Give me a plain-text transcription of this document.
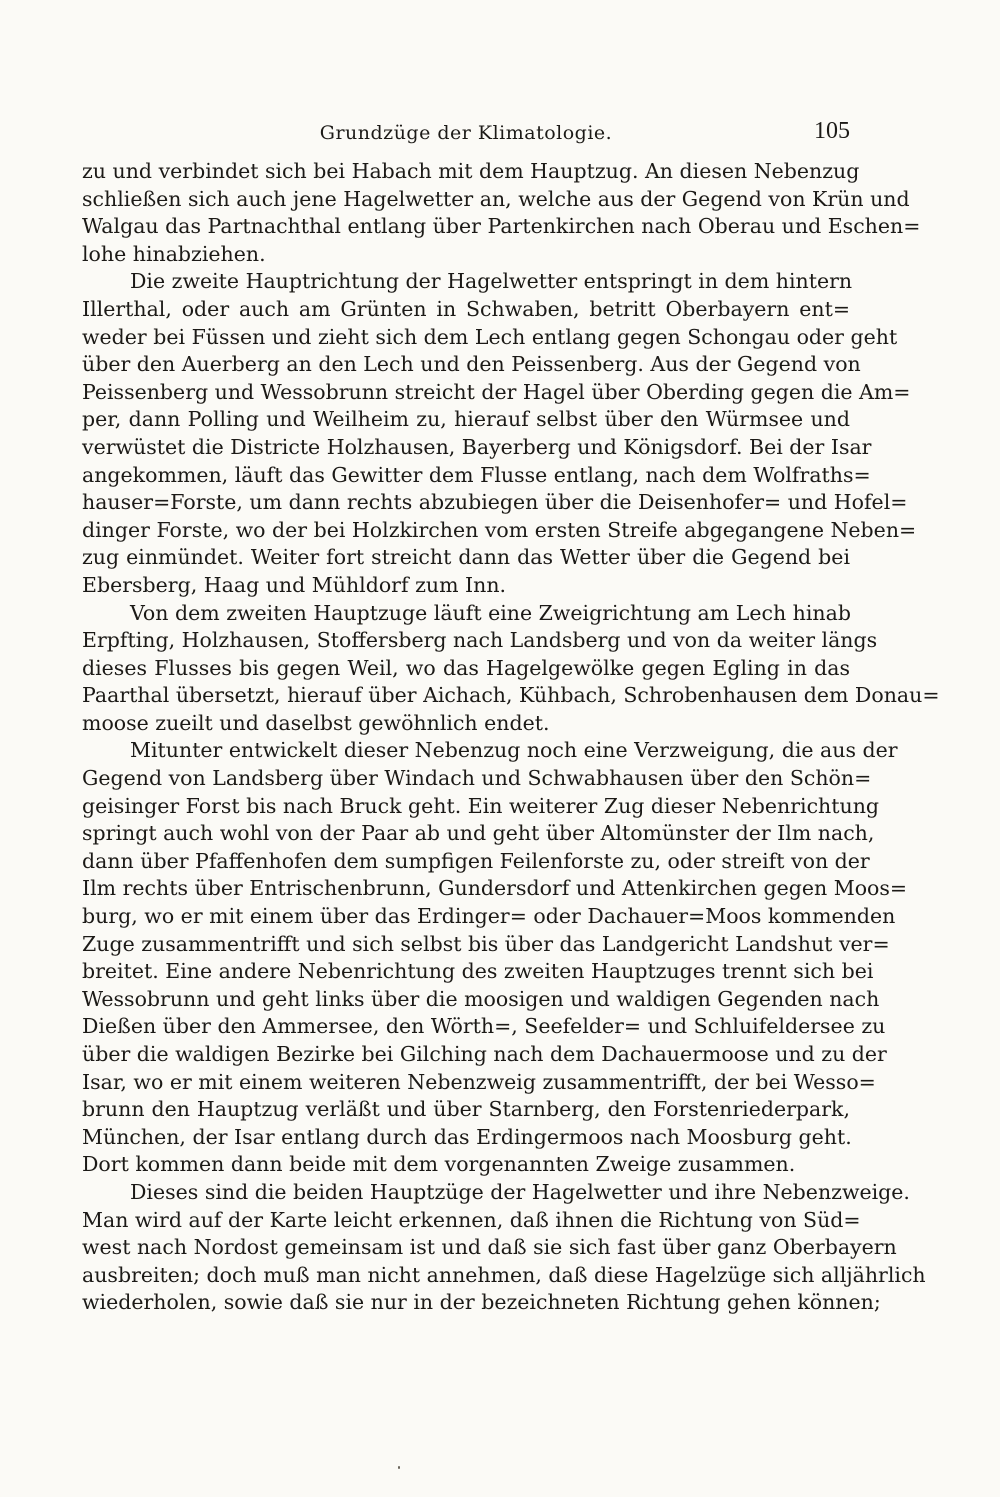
Grundzüge der Klimatologie.	105
zu und verbindet sich bei Habach mit dem Hauptzug. An diesen Nebenzug
schließen sich auch jene Hagelwetter an, welche aus der Gegend von Krün und
Walgau das Partnachthal entlang über Partenkirchen nach Oberau und Eschen=
lohe hinabziehen.
Die zweite Hauptrichtung der Hagelwetter entspringt in dem hintern
Illerthal, oder auch am Grünten in Schwaben, betritt Oberbayern ent=
weder bei Füssen und zieht sich dem Lech entlang gegen Schongau oder geht
über den Auerberg an den Lech und den Peissenberg. Aus der Gegend von
Peissenberg und Wessobrunn streicht der Hagel über Oberding gegen die Am=
per, dann Polling und Weilheim zu, hierauf selbst über den Würmsee und
verwüstet die Districte Holzhausen, Bayerberg und Königsdorf. Bei der Isar
angekommen, läuft das Gewitter dem Flusse entlang, nach dem Wolfraths=
hauser=Forste, um dann rechts abzubiegen über die Deisenhofer= und Hofel=
dinger Forste, wo der bei Holzkirchen vom ersten Streife abgegangene Neben=
zug einmündet. Weiter fort streicht dann das Wetter über die Gegend bei
Ebersberg, Haag und Mühldorf zum Inn.
Von dem zweiten Hauptzuge läuft eine Zweigrichtung am Lech hinab
Erpfting, Holzhausen, Stoffersberg nach Landsberg und von da weiter längs
dieses Flusses bis gegen Weil, wo das Hagelgewölke gegen Egling in das
Paarthal übersetzt, hierauf über Aichach, Kühbach, Schrobenhausen dem Donau=
moose zueilt und daselbst gewöhnlich endet.
Mitunter entwickelt dieser Nebenzug noch eine Verzweigung, die aus der
Gegend von Landsberg über Windach und Schwabhausen über den Schön=
geisinger Forst bis nach Bruck geht. Ein weiterer Zug dieser Nebenrichtung
springt auch wohl von der Paar ab und geht über Altomünster der Ilm nach,
dann über Pfaffenhofen dem sumpfigen Feilenforste zu, oder streift von der
Ilm rechts über Entrischenbrunn, Gundersdorf und Attenkirchen gegen Moos=
burg, wo er mit einem über das Erdinger= oder Dachauer=Moos kommenden
Zuge zusammentrifft und sich selbst bis über das Landgericht Landshut ver=
breitet. Eine andere Nebenrichtung des zweiten Hauptzuges trennt sich bei
Wessobrunn und geht links über die moosigen und waldigen Gegenden nach
Dießen über den Ammersee, den Wörth=, Seefelder= und Schluifeldersee zu
über die waldigen Bezirke bei Gilching nach dem Dachauermoose und zu der
Isar, wo er mit einem weiteren Nebenzweig zusammentrifft, der bei Wesso=
brunn den Hauptzug verläßt und über Starnberg, den Forstenriederpark,
München, der Isar entlang durch das Erdingermoos nach Moosburg geht.
Dort kommen dann beide mit dem vorgenannten Zweige zusammen.
Dieses sind die beiden Hauptzüge der Hagelwetter und ihre Nebenzweige.
Man wird auf der Karte leicht erkennen, daß ihnen die Richtung von Süd=
west nach Nordost gemeinsam ist und daß sie sich fast über ganz Oberbayern
ausbreiten; doch muß man nicht annehmen, daß diese Hagelzüge sich alljährlich
wiederholen, sowie daß sie nur in der bezeichneten Richtung gehen können;
